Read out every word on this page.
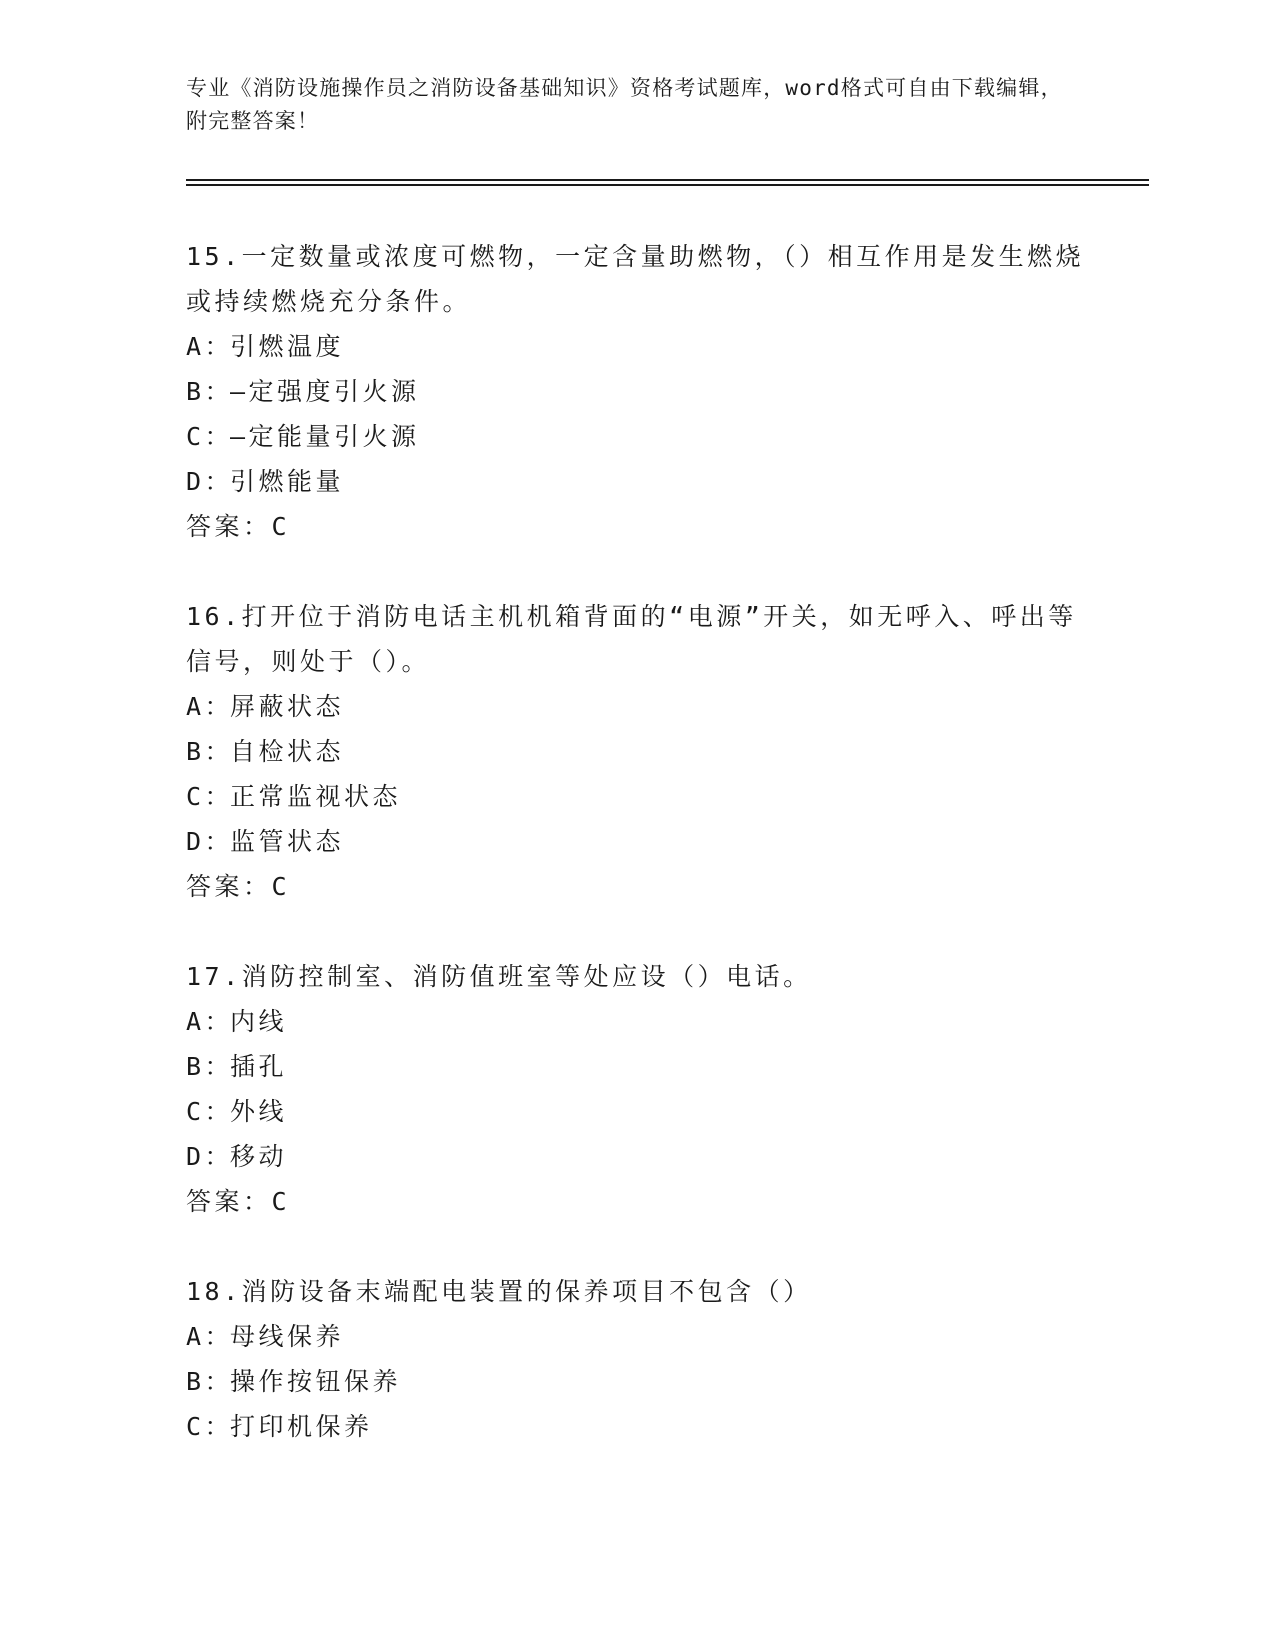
专业《消防设施操作员之消防设备基础知识》资格考试题库，word格式可自由下载编辑，附完整答案！

15.一定数量或浓度可燃物，一定含量助燃物，（）相互作用是发生燃烧或持续燃烧充分条件。

A：引燃温度

B：—定强度引火源

C：—定能量引火源

D：引燃能量

答案：C

16.打开位于消防电话主机机箱背面的“电源”开关，如无呼入、呼出等信号，则处于（）。

A：屏蔽状态

B：自检状态

C：正常监视状态

D：监管状态

答案：C

17.消防控制室、消防值班室等处应设（）电话。

A：内线

B：插孔

C：外线

D：移动

答案：C

18.消防设备末端配电装置的保养项目不包含（）

A：母线保养

B：操作按钮保养

C：打印机保养
